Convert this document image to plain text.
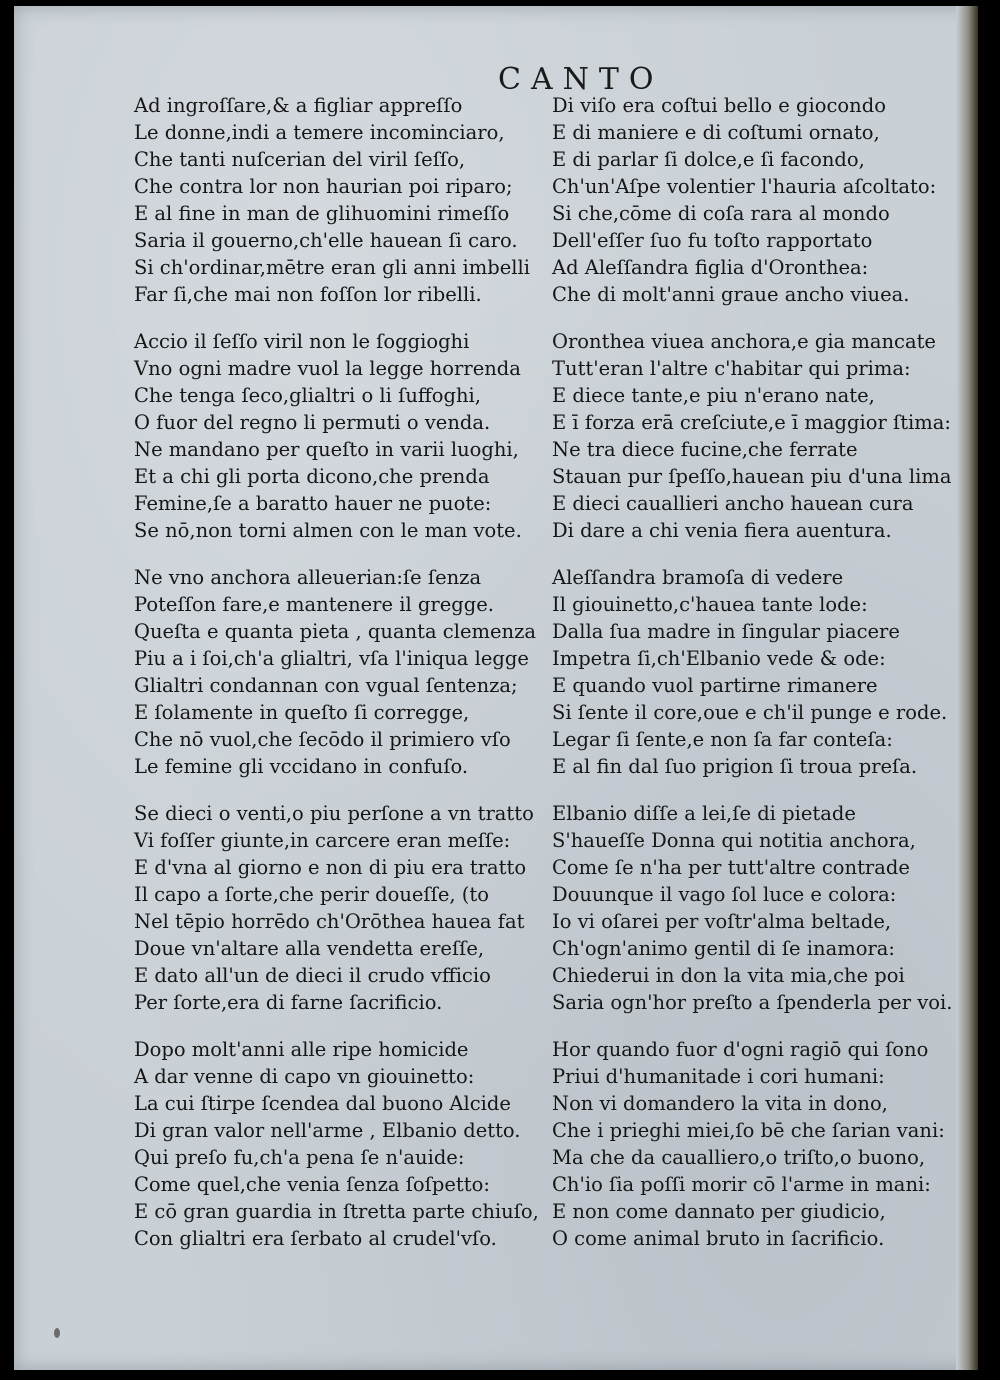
CANTO
Ad ingroſſare,& a figliar appreſſo
Le donne,indi a temere incominciaro,
Che tanti nuſcerian del viril ſeſſo,
Che contra lor non haurian poi riparo;
E al fine in man de glihuomini rimeſſo
Saria il gouerno,ch'elle hauean ſi caro.
Si ch'ordinar,mētre eran gli anni imbelli
Far ſi,che mai non foſſon lor ribelli.
Accio il ſeſſo viril non le ſoggioghi
Vno ogni madre vuol la legge horrenda
Che tenga ſeco,glialtri o li ſuffoghi,
O fuor del regno li permuti o venda.
Ne mandano per queſto in varii luoghi,
Et a chi gli porta dicono,che prenda
Femine,ſe a baratto hauer ne puote:
Se nō,non torni almen con le man vote.
Ne vno anchora alleuerian:ſe ſenza
Poteſſon fare,e mantenere il gregge.
Queſta e quanta pieta , quanta clemenza
Piu a i ſoi,ch'a glialtri, vſa l'iniqua legge
Glialtri condannan con vgual ſentenza;
E ſolamente in queſto ſi corregge,
Che nō vuol,che ſecōdo il primiero vſo
Le femine gli vccidano in confuſo.
Se dieci o venti,o piu perſone a vn tratto
Vi foſſer giunte,in carcere eran meſſe:
E d'vna al giorno e non di piu era tratto
Il capo a ſorte,che perir doueſſe, (to
Nel tēpio horrēdo ch'Orōthea hauea fat
Doue vn'altare alla vendetta ereſſe,
E dato all'un de dieci il crudo vfficio
Per ſorte,era di farne ſacrificio.
Dopo molt'anni alle ripe homicide
A dar venne di capo vn giouinetto:
La cui ſtirpe ſcendea dal buono Alcide
Di gran valor nell'arme , Elbanio detto.
Qui preſo fu,ch'a pena ſe n'auide:
Come quel,che venia ſenza ſoſpetto:
E cō gran guardia in ſtretta parte chiuſo,
Con glialtri era ſerbato al crudel'vſo.
Di viſo era coſtui bello e giocondo
E di maniere e di coſtumi ornato,
E di parlar ſi dolce,e ſi facondo,
Ch'un'Aſpe volentier l'hauria aſcoltato:
Si che,cōme di coſa rara al mondo
Dell'eſſer ſuo fu toſto rapportato
Ad Aleſſandra figlia d'Oronthea:
Che di molt'anni graue ancho viuea.
Oronthea viuea anchora,e gia mancate
Tutt'eran l'altre c'habitar qui prima:
E diece tante,e piu n'erano nate,
E ī forza erā creſciute,e ī maggior ſtima:
Ne tra diece fucine,che ferrate
Stauan pur ſpeſſo,hauean piu d'una lima
E dieci caualliеri ancho hauean cura
Di dare a chi venia fiera auentura.
Aleſſandra bramoſa di vedere
Il giouinetto,c'hauea tante lode:
Dalla ſua madre in ſingular piacere
Impetra ſi,ch'Elbanio vede & ode:
E quando vuol partirne rimanere
Si ſente il core,oue e ch'il punge e rode.
Legar ſi ſente,e non ſa far conteſa:
E al fin dal ſuo prigion ſi troua preſa.
Elbanio diſſe a lei,ſe di pietade
S'haueſſe Donna qui notitia anchora,
Come ſe n'ha per tutt'altre contrade
Douunque il vago ſol luce e colora:
Io vi oſarei per voſtr'alma beltade,
Ch'ogn'animo gentil di ſe inamora:
Chiederui in don la vita mia,che poi
Saria ogn'hor preſto a ſpenderla per voi.
Hor quando fuor d'ogni ragiō qui ſono
Priui d'humanitade i cori humani:
Non vi domandero la vita in dono,
Che i prieghi miei,ſo bē che ſarian vani:
Ma che da caualliero,o triſto,o buono,
Ch'io ſia poſſi morir cō l'arme in mani:
E non come dannato per giudicio,
O come animal bruto in ſacrificio.
